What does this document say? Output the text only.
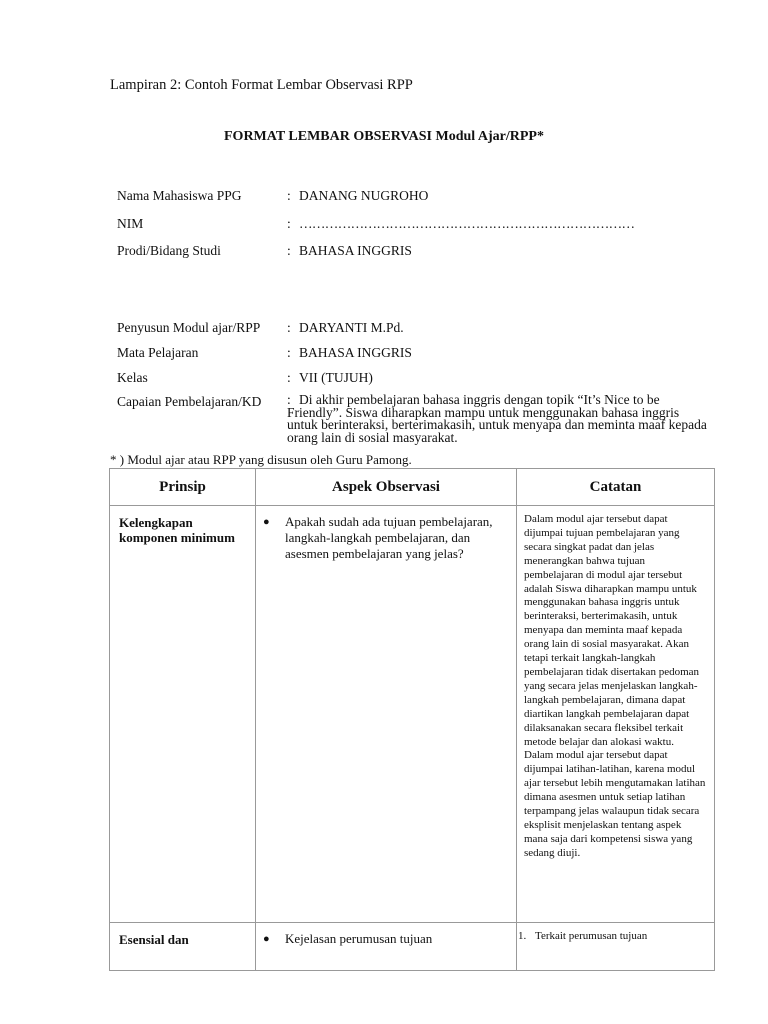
Lampiran 2: Contoh Format Lembar Observasi RPP
FORMAT LEMBAR OBSERVASI Modul Ajar/RPP*
Nama Mahasiswa PPG	: DANANG NUGROHO
NIM	: ……………………………………………………………………
Prodi/Bidang Studi	: BAHASA INGGRIS
Penyusun Modul ajar/RPP : DARYANTI M.Pd.
Mata Pelajaran	: BAHASA INGGRIS
Kelas	: VII (TUJUH)
Capaian Pembelajaran/KD : Di akhir pembelajaran bahasa inggris dengan topik “It’s Nice to be Friendly”. Siswa diharapkan mampu untuk menggunakan bahasa inggris untuk berinteraksi, berterimakasih, untuk menyapa dan meminta maaf kepada orang lain di sosial masyarakat.
* ) Modul ajar atau RPP yang disusun oleh Guru Pamong.
Prinsip	Aspek Observasi	Catatan
Kelengkapan komponen minimum	● Apakah sudah ada tujuan pembelajaran, langkah-langkah pembelajaran, dan asesmen pembelajaran yang jelas?	Dalam modul ajar tersebut dapat dijumpai tujuan pembelajaran yang secara singkat padat dan jelas menerangkan bahwa tujuan pembelajaran di modul ajar tersebut adalah Siswa diharapkan mampu untuk menggunakan bahasa inggris untuk berinteraksi, berterimakasih, untuk menyapa dan meminta maaf kepada orang lain di sosial masyarakat. Akan tetapi terkait langkah-langkah pembelajaran tidak disertakan pedoman yang secara jelas menjelaskan langkah-langkah pembelajaran, dimana dapat diartikan langkah pembelajaran dapat dilaksanakan secara fleksibel terkait metode belajar dan alokasi waktu. Dalam modul ajar tersebut dapat dijumpai latihan-latihan, karena modul ajar tersebut lebih mengutamakan latihan dimana asesmen untuk setiap latihan terpampang jelas walaupun tidak secara eksplisit menjelaskan tentang aspek mana saja dari kompetensi siswa yang sedang diuji.
Esensial dan	● Kejelasan perumusan tujuan	1. Terkait perumusan tujuan
